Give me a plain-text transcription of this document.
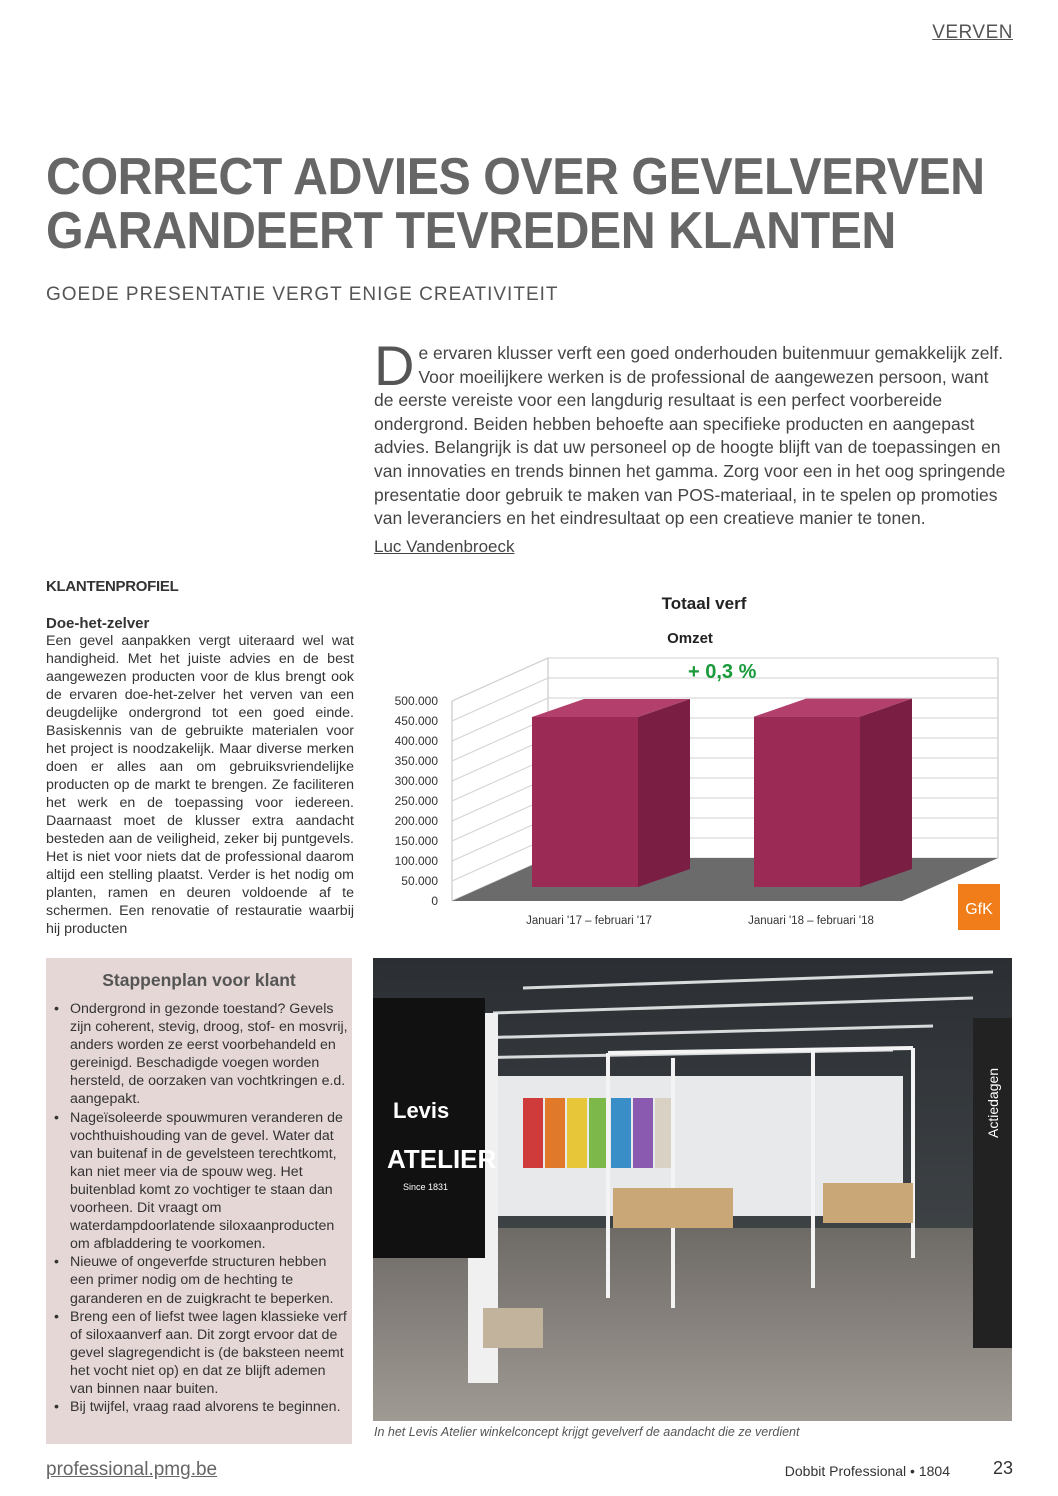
VERVEN
CORRECT ADVIES OVER GEVELVERVEN
GARANDEERT TEVREDEN KLANTEN
GOEDE PRESENTATIE VERGT ENIGE CREATIVITEIT
De ervaren klusser verft een goed onderhouden buitenmuur gemakkelijk zelf. Voor moeilijkere werken is de professional de aangewezen persoon, want de eerste vereiste voor een langdurig resultaat is een perfect voorbereide ondergrond. Beiden hebben behoefte aan specifieke producten en aangepast advies. Belangrijk is dat uw personeel op de hoogte blijft van de toepassingen en van innovaties en trends binnen het gamma. Zorg voor een in het oog springende presentatie door gebruik te maken van POS-materiaal, in te spelen op promoties van leveranciers en het eindresultaat op een creatieve manier te tonen.
Luc Vandenbroeck
KLANTENPROFIEL
Doe-het-zelver
Een gevel aanpakken vergt uiteraard wel wat handigheid. Met het juiste advies en de best aangewezen producten voor de klus brengt ook de ervaren doe-het-zelver het verven van een deugdelijke ondergrond tot een goed einde. Basiskennis van de gebruikte materialen voor het project is noodzakelijk. Maar diverse merken doen er alles aan om gebruiksvriendelijke producten op de markt te brengen. Ze faciliteren het werk en de toepassing voor iedereen. Daarnaast moet de klusser extra aandacht besteden aan de veiligheid, zeker bij puntgevels. Het is niet voor niets dat de professional daarom altijd een stelling plaatst. Verder is het nodig om planten, ramen en deuren voldoende af te schermen. Een renovatie of restauratie waarbij hij producten
Stappenplan voor klant
• Ondergrond in gezonde toestand? Gevels zijn coherent, stevig, droog, stof- en mosvrij, anders worden ze eerst voorbehandeld en gereinigd. Beschadigde voegen worden hersteld, de oorzaken van vochtkringen e.d. aangepakt.
• Nageïsoleerde spouwmuren veranderen de vochthuishouding van de gevel. Water dat van buitenaf in de gevelsteen terechtkomt, kan niet meer via de spouw weg. Het buitenblad komt zo vochtiger te staan dan voorheen. Dit vraagt om waterdampdoorlatende siloxaanproducten om afbladdering te voorkomen.
• Nieuwe of ongeverfde structuren hebben een primer nodig om de hechting te garanderen en de zuigkracht te beperken.
• Breng een of liefst twee lagen klassieke verf of siloxaanverf aan. Dit zorgt ervoor dat de gevel slagregendicht is (de baksteen neemt het vocht niet op) en dat ze blijft ademen van binnen naar buiten.
• Bij twijfel, vraag raad alvorens te beginnen.
Totaal verf
Omzet
0
50.000
100.000
150.000
200.000
250.000
300.000
350.000
400.000
450.000
500.000
Januari '17 – februari '17	Januari '18 – februari '18
+ 0,3 %
GfK
Levis
ATELIER
Since 1831
Actiedagen
In het Levis Atelier winkelconcept krijgt gevelverf de aandacht die ze verdient
professional.pmg.be	Dobbit Professional • 1804 23
